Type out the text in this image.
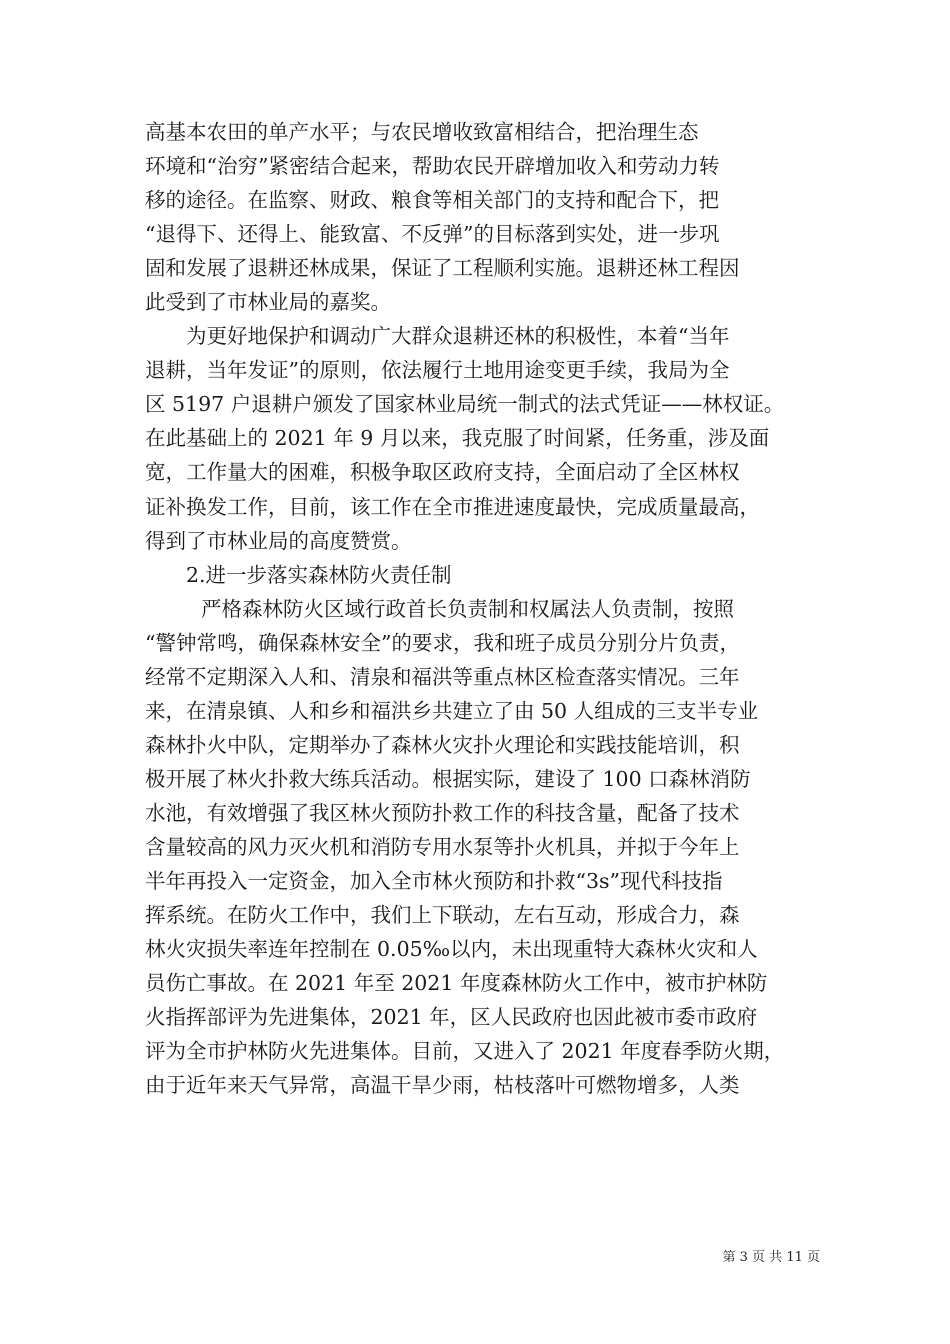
高基本农田的单产水平；与农民增收致富相结合，把治理生态
环境和“治穷”紧密结合起来，帮助农民开辟增加收入和劳动力转
移的途径。在监察、财政、粮食等相关部门的支持和配合下，把
“退得下、还得上、能致富、不反弹”的目标落到实处，进一步巩
固和发展了退耕还林成果，保证了工程顺利实施。退耕还林工程因
此受到了市林业局的嘉奖。
为更好地保护和调动广大群众退耕还林的积极性，本着“当年
退耕，当年发证”的原则，依法履行土地用途变更手续，我局为全
区 5197 户退耕户颁发了国家林业局统一制式的法式凭证——林权证。
在此基础上的 2021 年 9 月以来，我克服了时间紧，任务重，涉及面
宽，工作量大的困难，积极争取区政府支持，全面启动了全区林权
证补换发工作，目前，该工作在全市推进速度最快，完成质量最高，
得到了市林业局的高度赞赏。
2.进一步落实森林防火责任制
严格森林防火区域行政首长负责制和权属法人负责制，按照
“警钟常鸣，确保森林安全”的要求，我和班子成员分别分片负责，
经常不定期深入人和、清泉和福洪等重点林区检查落实情况。三年
来，在清泉镇、人和乡和福洪乡共建立了由 50 人组成的三支半专业
森林扑火中队，定期举办了森林火灾扑火理论和实践技能培训，积
极开展了林火扑救大练兵活动。根据实际，建设了 100 口森林消防
水池，有效增强了我区林火预防扑救工作的科技含量，配备了技术
含量较高的风力灭火机和消防专用水泵等扑火机具，并拟于今年上
半年再投入一定资金，加入全市林火预防和扑救“3s”现代科技指
挥系统。在防火工作中，我们上下联动，左右互动，形成合力，森
林火灾损失率连年控制在 0.05‰以内，未出现重特大森林火灾和人
员伤亡事故。在 2021 年至 2021 年度森林防火工作中，被市护林防
火指挥部评为先进集体，2021 年，区人民政府也因此被市委市政府
评为全市护林防火先进集体。目前，又进入了 2021 年度春季防火期，
由于近年来天气异常，高温干旱少雨，枯枝落叶可燃物增多，人类
第 3 页 共 11 页
